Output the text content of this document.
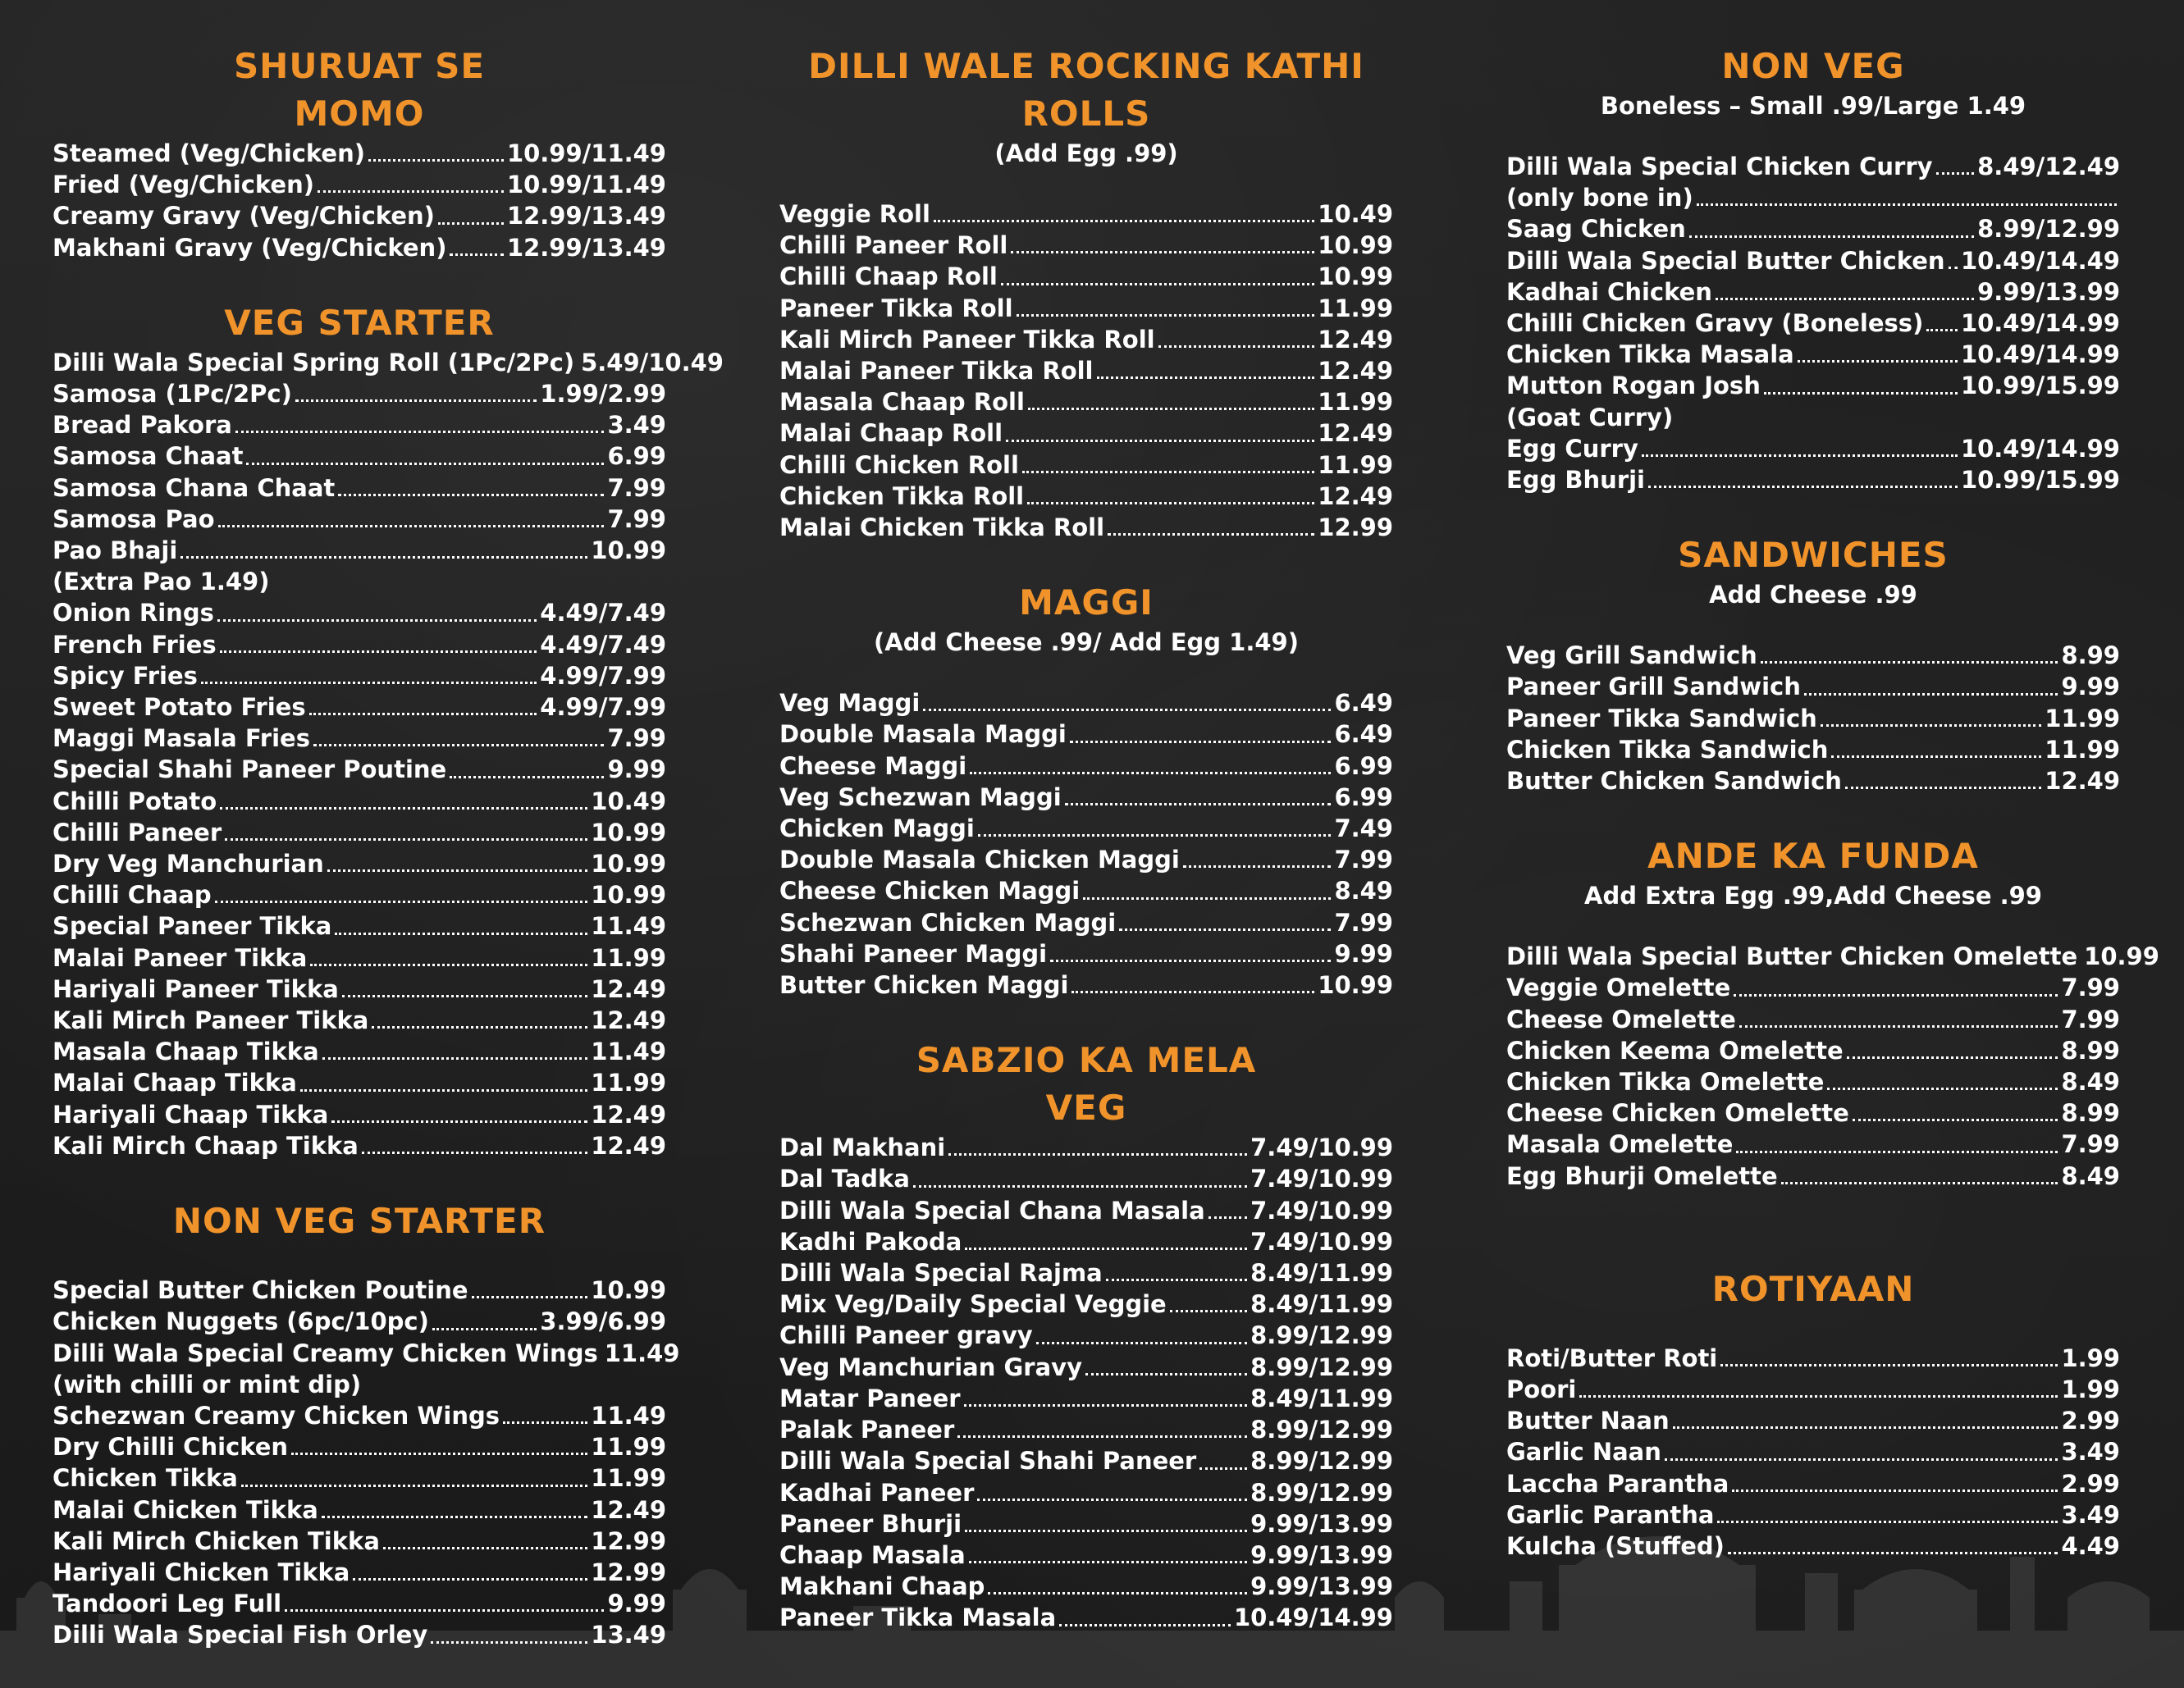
SHURUAT SE
MOMO
Steamed (Veg/Chicken)	10.99/11.49
Fried (Veg/Chicken)	10.99/11.49
Creamy Gravy (Veg/Chicken)	12.99/13.49
Makhani Gravy (Veg/Chicken)	12.99/13.49
VEG STARTER
Dilli Wala Special Spring Roll (1Pc/2Pc) 5.49/10.49
Samosa (1Pc/2Pc)	1.99/2.99
Bread Pakora	3.49
Samosa Chaat	6.99
Samosa Chana Chaat	7.99
Samosa Pao	7.99
Pao Bhaji	10.99
(Extra Pao 1.49)
Onion Rings	4.49/7.49
French Fries	4.49/7.49
Spicy Fries	4.99/7.99
Sweet Potato Fries	4.99/7.99
Maggi Masala Fries	7.99
Special Shahi Paneer Poutine	9.99
Chilli Potato	10.49
Chilli Paneer	10.99
Dry Veg Manchurian	10.99
Chilli Chaap	10.99
Special Paneer Tikka	11.49
Malai Paneer Tikka	11.99
Hariyali Paneer Tikka	12.49
Kali Mirch Paneer Tikka	12.49
Masala Chaap Tikka	11.49
Malai Chaap Tikka	11.99
Hariyali Chaap Tikka	12.49
Kali Mirch Chaap Tikka	12.49
NON VEG STARTER
Special Butter Chicken Poutine	10.99
Chicken Nuggets (6pc/10pc)	3.99/6.99
Dilli Wala Special Creamy Chicken Wings 11.49
(with chilli or mint dip)
Schezwan Creamy Chicken Wings	11.49
Dry Chilli Chicken	11.99
Chicken Tikka	11.99
Malai Chicken Tikka	12.49
Kali Mirch Chicken Tikka	12.99
Hariyali Chicken Tikka	12.99
Tandoori Leg Full	9.99
Dilli Wala Special Fish Orley	13.49
DILLI WALE ROCKING KATHI
ROLLS
(Add Egg .99)
Veggie Roll	10.49
Chilli Paneer Roll	10.99
Chilli Chaap Roll	10.99
Paneer Tikka Roll	11.99
Kali Mirch Paneer Tikka Roll	12.49
Malai Paneer Tikka Roll	12.49
Masala Chaap Roll	11.99
Malai Chaap Roll	12.49
Chilli Chicken Roll	11.99
Chicken Tikka Roll	12.49
Malai Chicken Tikka Roll	12.99
MAGGI
(Add Cheese .99/ Add Egg 1.49)
Veg Maggi	6.49
Double Masala Maggi	6.49
Cheese Maggi	6.99
Veg Schezwan Maggi	6.99
Chicken Maggi	7.49
Double Masala Chicken Maggi	7.99
Cheese Chicken Maggi	8.49
Schezwan Chicken Maggi	7.99
Shahi Paneer Maggi	9.99
Butter Chicken Maggi	10.99
SABZIO KA MELA
VEG
Dal Makhani	7.49/10.99
Dal Tadka	7.49/10.99
Dilli Wala Special Chana Masala 7.49/10.99
Kadhi Pakoda	7.49/10.99
Dilli Wala Special Rajma	8.49/11.99
Mix Veg/Daily Special Veggie	8.49/11.99
Chilli Paneer gravy	8.99/12.99
Veg Manchurian Gravy	8.99/12.99
Matar Paneer	8.49/11.99
Palak Paneer	8.99/12.99
Dilli Wala Special Shahi Paneer 8.99/12.99
Kadhai Paneer	8.99/12.99
Paneer Bhurji	9.99/13.99
Chaap Masala	9.99/13.99
Makhani Chaap	9.99/13.99
Paneer Tikka Masala	10.49/14.99
NON VEG
Boneless – Small .99/Large 1.49
Dilli Wala Special Chicken Curry 8.49/12.49
(only bone in)
Saag Chicken	8.99/12.99
Dilli Wala Special Butter Chicken 10.49/14.49
Kadhai Chicken	9.99/13.99
Chilli Chicken Gravy (Boneless) 10.49/14.99
Chicken Tikka Masala	10.49/14.99
Mutton Rogan Josh	10.99/15.99
(Goat Curry)
Egg Curry	10.49/14.99
Egg Bhurji	10.99/15.99
SANDWICHES
Add Cheese .99
Veg Grill Sandwich	8.99
Paneer Grill Sandwich	9.99
Paneer Tikka Sandwich	11.99
Chicken Tikka Sandwich	11.99
Butter Chicken Sandwich	12.49
ANDE KA FUNDA
Add Extra Egg .99,Add Cheese .99
Dilli Wala Special Butter Chicken Omelette 10.99
Veggie Omelette	7.99
Cheese Omelette	7.99
Chicken Keema Omelette	8.99
Chicken Tikka Omelette	8.49
Cheese Chicken Omelette	8.99
Masala Omelette	7.99
Egg Bhurji Omelette	8.49
ROTIYAAN
Roti/Butter Roti	1.99
Poori	1.99
Butter Naan	2.99
Garlic Naan	3.49
Laccha Parantha	2.99
Garlic Parantha	3.49
Kulcha (Stuffed)	4.49
